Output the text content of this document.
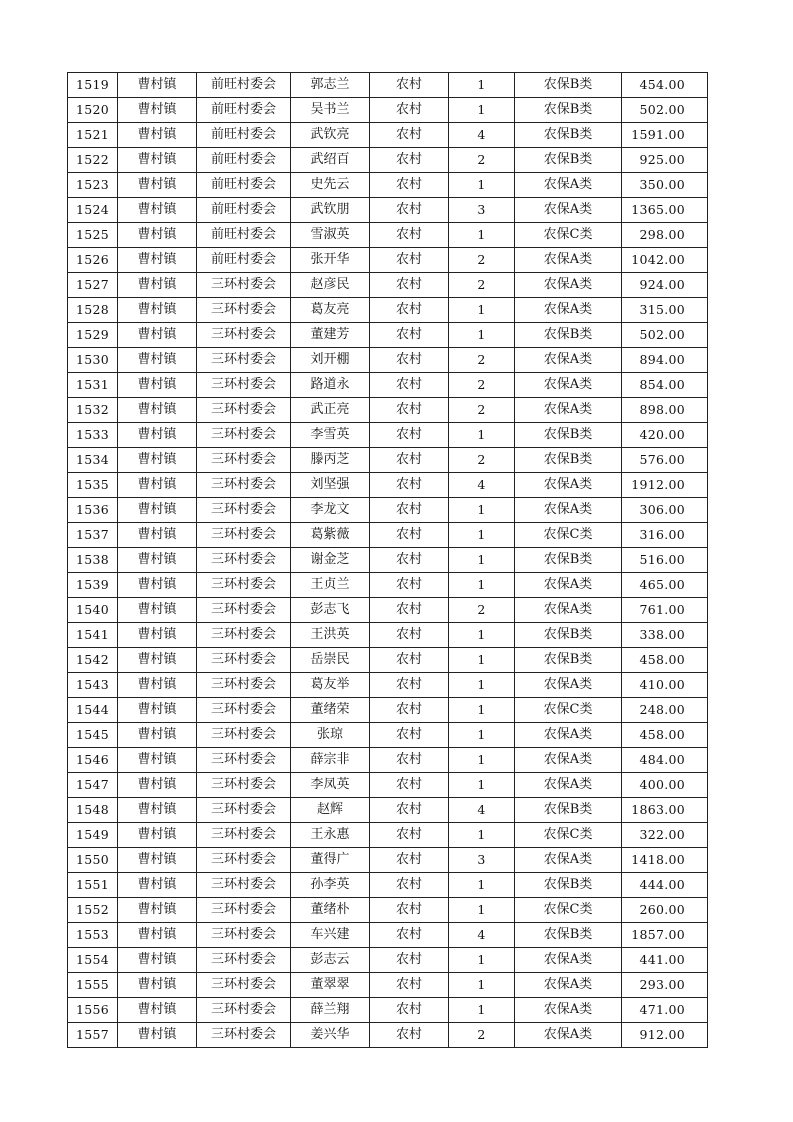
1519	曹村镇	前旺村委会	郭志兰	农村	1	农保B类	454.00
1520	曹村镇	前旺村委会	吴书兰	农村	1	农保B类	502.00
1521	曹村镇	前旺村委会	武钦亮	农村	4	农保B类	1591.00
1522	曹村镇	前旺村委会	武绍百	农村	2	农保B类	925.00
1523	曹村镇	前旺村委会	史先云	农村	1	农保A类	350.00
1524	曹村镇	前旺村委会	武钦朋	农村	3	农保A类	1365.00
1525	曹村镇	前旺村委会	雪淑英	农村	1	农保C类	298.00
1526	曹村镇	前旺村委会	张开华	农村	2	农保A类	1042.00
1527	曹村镇	三环村委会	赵彦民	农村	2	农保A类	924.00
1528	曹村镇	三环村委会	葛友亮	农村	1	农保A类	315.00
1529	曹村镇	三环村委会	董建芳	农村	1	农保B类	502.00
1530	曹村镇	三环村委会	刘开棚	农村	2	农保A类	894.00
1531	曹村镇	三环村委会	路道永	农村	2	农保A类	854.00
1532	曹村镇	三环村委会	武正亮	农村	2	农保A类	898.00
1533	曹村镇	三环村委会	李雪英	农村	1	农保B类	420.00
1534	曹村镇	三环村委会	滕丙芝	农村	2	农保B类	576.00
1535	曹村镇	三环村委会	刘坚强	农村	4	农保A类	1912.00
1536	曹村镇	三环村委会	李龙文	农村	1	农保A类	306.00
1537	曹村镇	三环村委会	葛紫薇	农村	1	农保C类	316.00
1538	曹村镇	三环村委会	谢金芝	农村	1	农保B类	516.00
1539	曹村镇	三环村委会	王贞兰	农村	1	农保A类	465.00
1540	曹村镇	三环村委会	彭志飞	农村	2	农保A类	761.00
1541	曹村镇	三环村委会	王洪英	农村	1	农保B类	338.00
1542	曹村镇	三环村委会	岳崇民	农村	1	农保B类	458.00
1543	曹村镇	三环村委会	葛友举	农村	1	农保A类	410.00
1544	曹村镇	三环村委会	董绪荣	农村	1	农保C类	248.00
1545	曹村镇	三环村委会	张琼	农村	1	农保A类	458.00
1546	曹村镇	三环村委会	薛宗非	农村	1	农保A类	484.00
1547	曹村镇	三环村委会	李凤英	农村	1	农保A类	400.00
1548	曹村镇	三环村委会	赵辉	农村	4	农保B类	1863.00
1549	曹村镇	三环村委会	王永惠	农村	1	农保C类	322.00
1550	曹村镇	三环村委会	董得广	农村	3	农保A类	1418.00
1551	曹村镇	三环村委会	孙李英	农村	1	农保B类	444.00
1552	曹村镇	三环村委会	董绪朴	农村	1	农保C类	260.00
1553	曹村镇	三环村委会	车兴建	农村	4	农保B类	1857.00
1554	曹村镇	三环村委会	彭志云	农村	1	农保A类	441.00
1555	曹村镇	三环村委会	董翠翠	农村	1	农保A类	293.00
1556	曹村镇	三环村委会	薛兰翔	农村	1	农保A类	471.00
1557	曹村镇	三环村委会	姜兴华	农村	2	农保A类	912.00
